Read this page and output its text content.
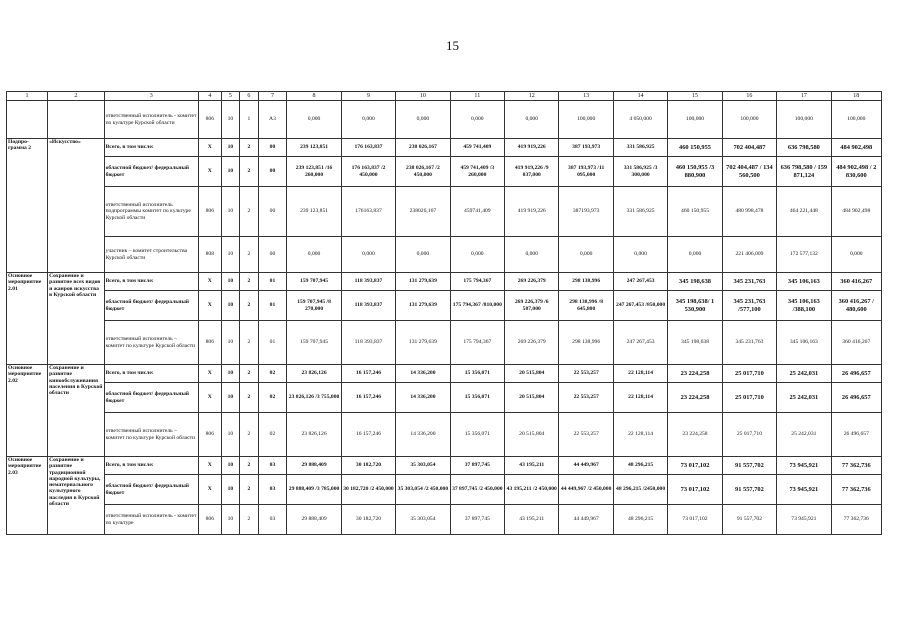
15
1	2	3	4	5	6	7	8	9	10	11	12	13	14	15	16	17	18
		ответственный исполнитель - комитет по культуре Курской области	806	10	1	А3	0,000	0,000	0,000	0,000	0,000	100,000	4 050,000	100,000	100,000	100,000	100,000
Подпро-грамма 2	«Искусство»	Всего, в том числе:	Х	10	2	00	239 123,851	176 163,837	238 026,167	459 741,409	419 919,226	387 193,973	331 586,925	460 150,955	702 404,487	636 798,580	484 902,498
		областной бюджет/ федеральный бюджет	Х	10	2	00	239 123,851 /16 260,000	176 163,837 /2 450,000	238 026,167 /2 450,000	459 741,409 /3 260,000	419 919,226 /9 037,000	387 193,973 /11 095,000	331 586,925 /3 300,000	460 150,955 /3 880,900	702 404,487 / 134 560,500	636 798,580 / 159 871,124	484 902,498 / 2 830,600
		ответственный исполнитель подпрограммы комитет по культуре Курской области	806	10	2	00	239 123,851	176163,837	238026,167	459741,409	419 919,226	387193,973	331 586,925	460 150,955	480 998,478	464 221,448	484 902,498
		участник – комитет строительства Курской области	808	10	2	00	0,000	0,000	0,000	0,000	0,000	0,000	0,000	0,000	221 406,009	172 577,132	0,000
Основное мероприятие 2.01	Сохранение и развитие всех видов и жанров искусства в Курской области	Всего, в том числе:	Х	10	2	01	159 707,945	118 393,837	131 279,639	175 794,367	269 226,379	298 138,996	247 267,453	345 198,638	345 231,763	345 106,163	360 416,267
		областной бюджет/ федеральный бюджет	Х	10	2	01	159 707,945 /8 270,000	118 393,837	131 279,639	175 794,367 /810,000	269 226,379 /6 587,000	298 138,996 /8 645,800	247 267,453 /850,000	345 198,638/ 1 530,900	345 231,763 /577,100	345 106,163 /388,100	360 416,267 / 480,600
		ответственный исполнитель – комитет по культуре Курской области	806	10	2	01	159 707,945	118 393,837	131 279,639	175 794,367	269 226,379	298 138,996	247 267,453	345 198,638	345 231,763	345 106,163	360 416,267
Основное мероприятие 2.02	Сохранение и развитие кинообслуживания населения в Курской области	Всего, в том числе:	Х	10	2	02	23 826,126	16 157,246	14 336,200	15 356,071	20 515,804	22 553,257	22 128,114	23 224,258	25 017,710	25 242,031	26 496,657
		областной бюджет/ федеральный бюджет	Х	10	2	02	23 826,126 /3 755,000	16 157,246	14 336,200	15 356,071	20 515,804	22 553,257	22 128,114	23 224,258	25 017,710	25 242,031	26 496,657
		ответственный исполнитель – комитет по культуре Курской области	806	10	2	02	23 826,126	16 157,246	14 336,200	15 356,071	20 515,804	22 553,257	22 128,114	23 224,258	25 017,710	25 242,031	26 496,657
Основное мероприятие 2.03	Сохранение и развитие традиционной народной культуры, нематериального культурного наследия в Курской области	Всего, в том числе:	Х	10	2	03	29 888,409	30 182,720	35 303,054	37 897,745	43 195,211	44 449,967	48 296,215	73 017,102	91 557,702	73 945,921	77 362,736
		областной бюджет/ федеральный бюджет	Х	10	2	03	29 888,409 /3 785,000	30 182,720 /2 450,000	35 303,054 /2 450,000	37 897,745 /2 450,000	43 195,211 /2 450,000	44 449,967 /2 450,000	48 296,215 /2450,000	73 017,102	91 557,702	73 945,921	77 362,736
		ответственный исполнитель - комитет по культуре	806	10	2	03	29 888,409	30 182,720	35 303,054	37 897,745	43 195,211	44 449,967	48 296,215	73 017,102	91 557,702	73 945,921	77 362,736
